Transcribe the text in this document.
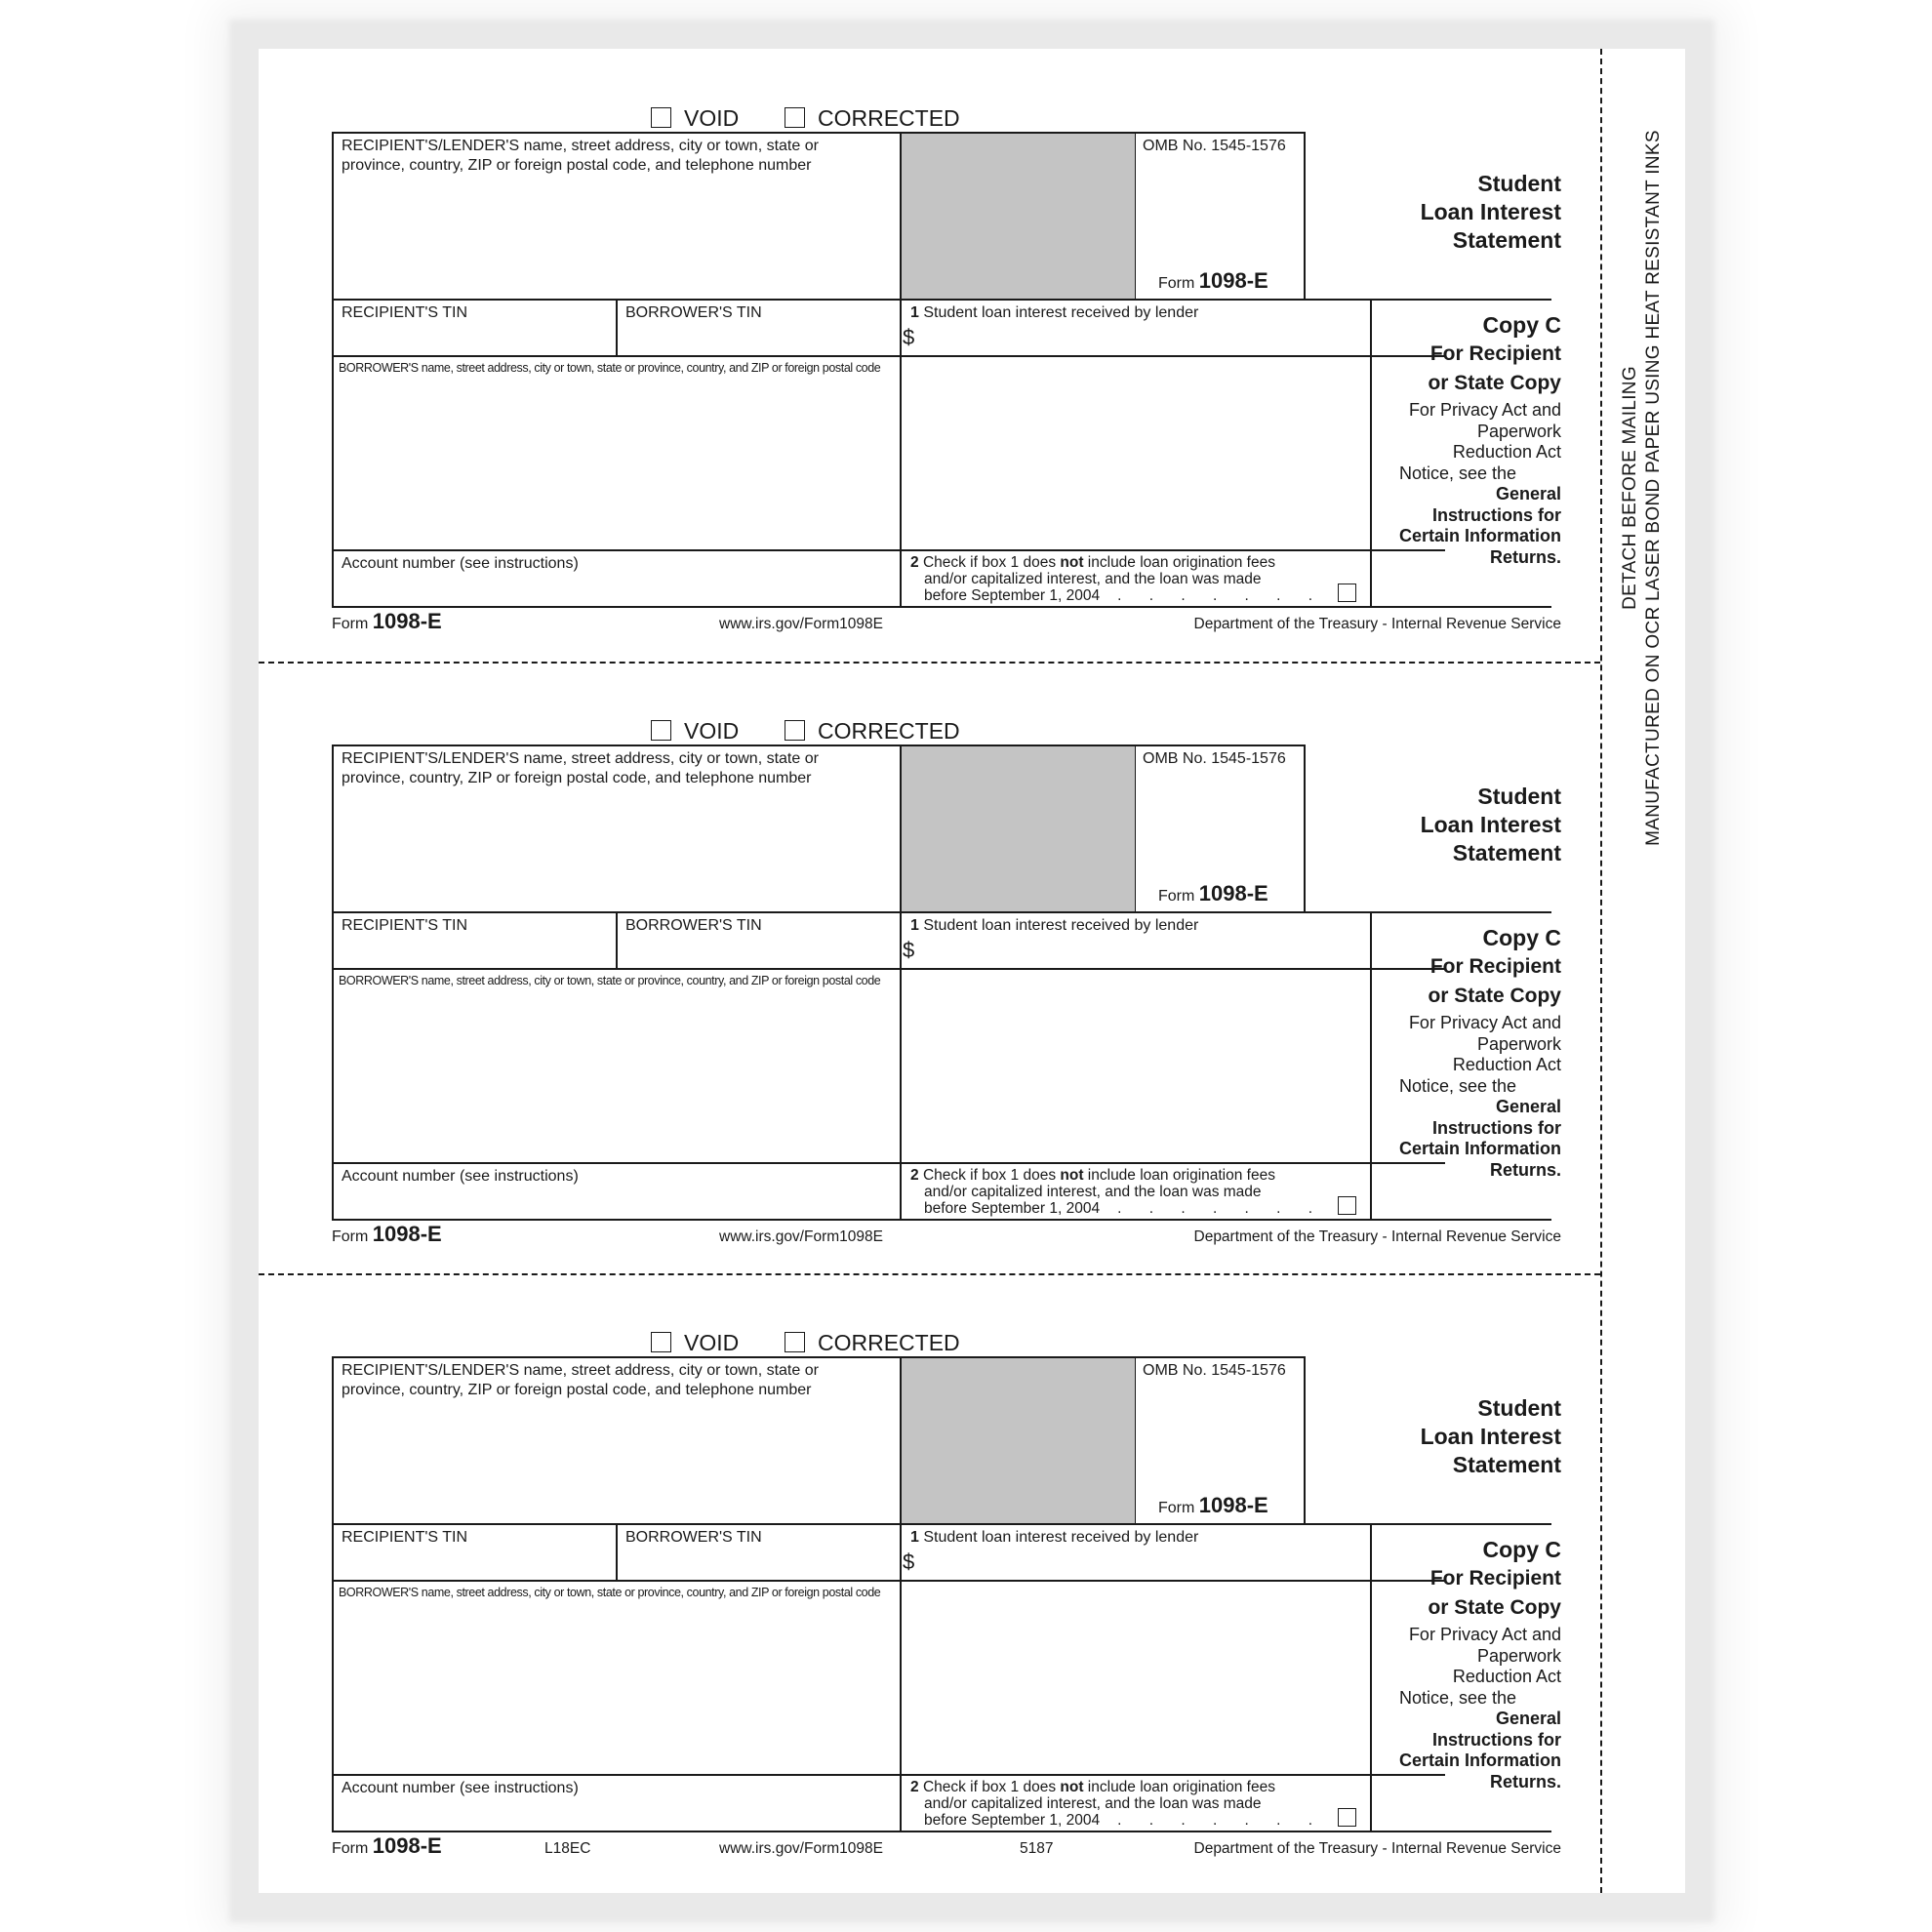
DETACH BEFORE MAILING MANUFACTURED ON OCR LASER BOND PAPER USING HEAT RESISTANT INKS
VOID	CORRECTED
RECIPIENT'S/LENDER'S name, street address, city or town, state or
province, country, ZIP or foreign postal code, and telephone number
OMB No. 1545-1576
Form 1098-E
Student
Loan Interest
Statement
RECIPIENT'S TIN	BORROWER'S TIN	1 Student loan interest received by lender
$
BORROWER'S name, street address, city or town, state or province, country, and ZIP or foreign postal code
Account number (see instructions)	2 Check if box 1 does not include loan origination fees
and/or capitalized interest, and the loan was made
before September 1, 2004 . . . . . . .
Copy C
For Recipient
or State Copy
For Privacy Act and
Paperwork
Reduction Act
Notice, see the
General
Instructions for
Certain Information
Returns.
Form 1098-E	www.irs.gov/Form1098E	Department of the Treasury - Internal Revenue Service
VOID	CORRECTED
RECIPIENT'S/LENDER'S name, street address, city or town, state or
province, country, ZIP or foreign postal code, and telephone number
OMB No. 1545-1576
Form 1098-E
Student
Loan Interest
Statement
RECIPIENT'S TIN	BORROWER'S TIN	1 Student loan interest received by lender
$
BORROWER'S name, street address, city or town, state or province, country, and ZIP or foreign postal code
Account number (see instructions)	2 Check if box 1 does not include loan origination fees
and/or capitalized interest, and the loan was made
before September 1, 2004 . . . . . . .
Copy C
For Recipient
or State Copy
For Privacy Act and
Paperwork
Reduction Act
Notice, see the
General
Instructions for
Certain Information
Returns.
Form 1098-E	www.irs.gov/Form1098E	Department of the Treasury - Internal Revenue Service
VOID	CORRECTED
RECIPIENT'S/LENDER'S name, street address, city or town, state or
province, country, ZIP or foreign postal code, and telephone number
OMB No. 1545-1576
Form 1098-E
Student
Loan Interest
Statement
RECIPIENT'S TIN	BORROWER'S TIN	1 Student loan interest received by lender
$
BORROWER'S name, street address, city or town, state or province, country, and ZIP or foreign postal code
Account number (see instructions)	2 Check if box 1 does not include loan origination fees
and/or capitalized interest, and the loan was made
before September 1, 2004 . . . . . . .
Copy C
For Recipient
or State Copy
For Privacy Act and
Paperwork
Reduction Act
Notice, see the
General
Instructions for
Certain Information
Returns.
Form 1098-E	L18EC	www.irs.gov/Form1098E	5187	Department of the Treasury - Internal Revenue Service
